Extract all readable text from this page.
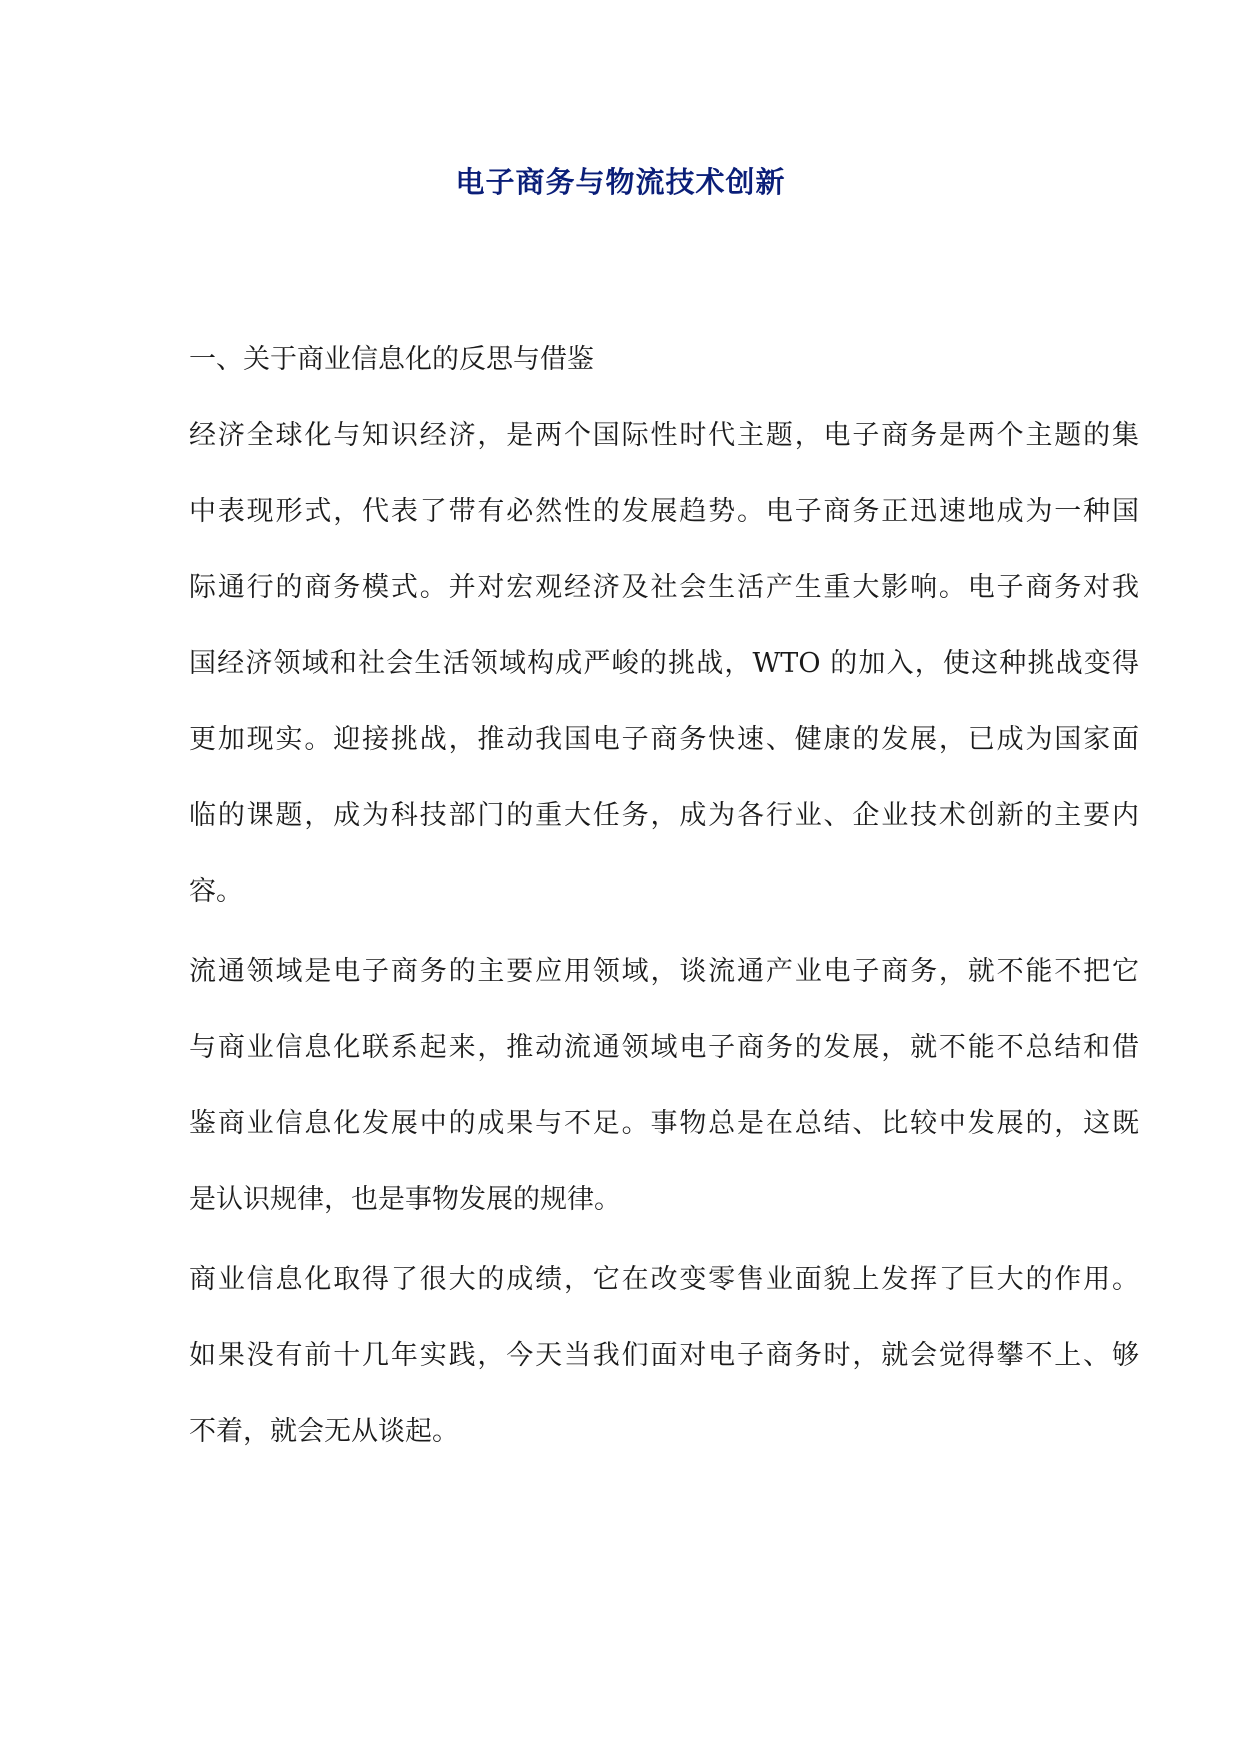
电子商务与物流技术创新
一、关于商业信息化的反思与借鉴
经济全球化与知识经济，是两个国际性时代主题，电子商务是两个主题的集
中表现形式，代表了带有必然性的发展趋势。电子商务正迅速地成为一种国
际通行的商务模式。并对宏观经济及社会生活产生重大影响。电子商务对我
国经济领域和社会生活领域构成严峻的挑战，WTO 的加入，使这种挑战变得
更加现实。迎接挑战，推动我国电子商务快速、健康的发展，已成为国家面
临的课题，成为科技部门的重大任务，成为各行业、企业技术创新的主要内
容。
流通领域是电子商务的主要应用领域，谈流通产业电子商务，就不能不把它
与商业信息化联系起来，推动流通领域电子商务的发展，就不能不总结和借
鉴商业信息化发展中的成果与不足。事物总是在总结、比较中发展的，这既
是认识规律，也是事物发展的规律。
商业信息化取得了很大的成绩，它在改变零售业面貌上发挥了巨大的作用。
如果没有前十几年实践，今天当我们面对电子商务时，就会觉得攀不上、够
不着，就会无从谈起。
